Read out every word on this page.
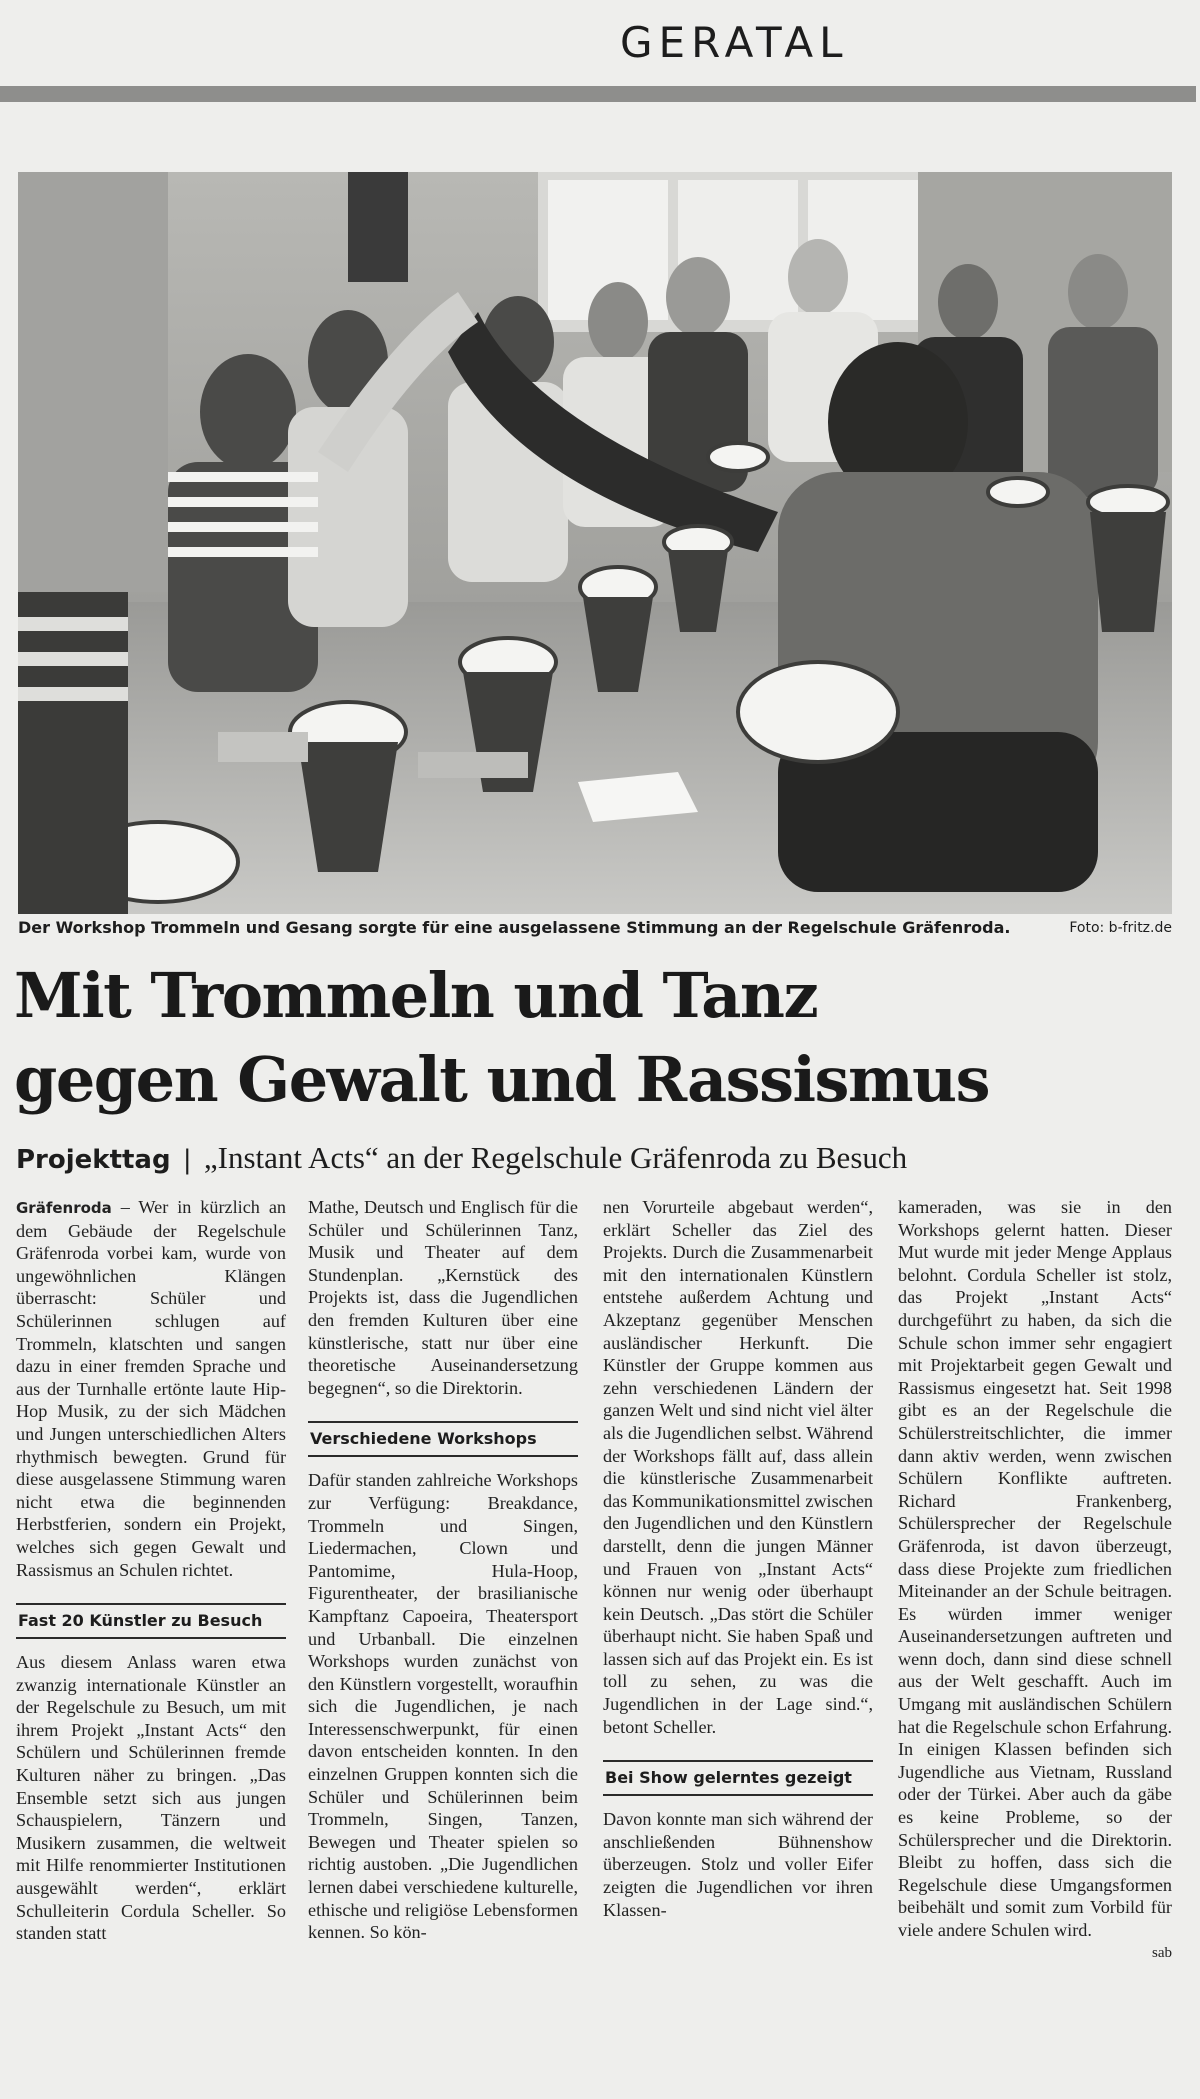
GERATAL
Der Workshop Trommeln und Gesang sorgte für eine ausgelassene Stimmung an der Regelschule Gräfenroda.	Foto: b-fritz.de
Mit Trommeln und Tanz
gegen Gewalt und Rassismus
Projekttag | „Instant Acts“ an der Regelschule Gräfenroda zu Besuch

Gräfenroda – Wer in kürzlich an dem Gebäude der Regelschule Gräfenroda vorbei kam, wurde von ungewöhnlichen Klängen überrascht: Schüler und Schülerinnen schlugen auf Trommeln, klatschten und sangen dazu in einer fremden Sprache und aus der Turnhalle ertönte laute Hip-Hop Musik, zu der sich Mädchen und Jungen unterschiedlichen Alters rhythmisch bewegten. Grund für diese ausgelassene Stimmung waren nicht etwa die beginnenden Herbstferien, sondern ein Projekt, welches sich gegen Gewalt und Rassismus an Schulen richtet.

Fast 20 Künstler zu Besuch

Aus diesem Anlass waren etwa zwanzig internationale Künstler an der Regelschule zu Besuch, um mit ihrem Projekt „Instant Acts“ den Schülern und Schülerinnen fremde Kulturen näher zu bringen. „Das Ensemble setzt sich aus jungen Schauspielern, Tänzern und Musikern zusammen, die weltweit mit Hilfe renommierter Institutionen ausgewählt werden“, erklärt Schulleiterin Cordula Scheller. So standen statt

Mathe, Deutsch und Englisch für die Schüler und Schülerinnen Tanz, Musik und Theater auf dem Stundenplan. „Kernstück des Projekts ist, dass die Jugendlichen den fremden Kulturen über eine künstlerische, statt nur über eine theoretische Auseinandersetzung begegnen“, so die Direktorin.

Verschiedene Workshops

Dafür standen zahlreiche Workshops zur Verfügung: Breakdance, Trommeln und Singen, Liedermachen, Clown und Pantomime, Hula-Hoop, Figurentheater, der brasilianische Kampftanz Capoeira, Theatersport und Urbanball. Die einzelnen Workshops wurden zunächst von den Künstlern vorgestellt, woraufhin sich die Jugendlichen, je nach Interessenschwerpunkt, für einen davon entscheiden konnten. In den einzelnen Gruppen konnten sich die Schüler und Schülerinnen beim Trommeln, Singen, Tanzen, Bewegen und Theater spielen so richtig austoben. „Die Jugendlichen lernen dabei verschiedene kulturelle, ethische und religiöse Lebensformen kennen. So kön-

nen Vorurteile abgebaut werden“, erklärt Scheller das Ziel des Projekts. Durch die Zusammenarbeit mit den internationalen Künstlern entstehe außerdem Achtung und Akzeptanz gegenüber Menschen ausländischer Herkunft. Die Künstler der Gruppe kommen aus zehn verschiedenen Ländern der ganzen Welt und sind nicht viel älter als die Jugendlichen selbst. Während der Workshops fällt auf, dass allein die künstlerische Zusammenarbeit das Kommunikationsmittel zwischen den Jugendlichen und den Künstlern darstellt, denn die jungen Männer und Frauen von „Instant Acts“ können nur wenig oder überhaupt kein Deutsch. „Das stört die Schüler überhaupt nicht. Sie haben Spaß und lassen sich auf das Projekt ein. Es ist toll zu sehen, zu was die Jugendlichen in der Lage sind.“, betont Scheller.

Bei Show gelerntes gezeigt

Davon konnte man sich während der anschließenden Bühnenshow überzeugen. Stolz und voller Eifer zeigten die Jugendlichen vor ihren Klassen-

kameraden, was sie in den Workshops gelernt hatten. Dieser Mut wurde mit jeder Menge Applaus belohnt. Cordula Scheller ist stolz, das Projekt „Instant Acts“ durchgeführt zu haben, da sich die Schule schon immer sehr engagiert mit Projektarbeit gegen Gewalt und Rassismus eingesetzt hat. Seit 1998 gibt es an der Regelschule die Schülerstreitschlichter, die immer dann aktiv werden, wenn zwischen Schülern Konflikte auftreten. Richard Frankenberg, Schülersprecher der Regelschule Gräfenroda, ist davon überzeugt, dass diese Projekte zum friedlichen Miteinander an der Schule beitragen. Es würden immer weniger Auseinandersetzungen auftreten und wenn doch, dann sind diese schnell aus der Welt geschafft. Auch im Umgang mit ausländischen Schülern hat die Regelschule schon Erfahrung. In einigen Klassen befinden sich Jugendliche aus Vietnam, Russland oder der Türkei. Aber auch da gäbe es keine Probleme, so der Schülersprecher und die Direktorin. Bleibt zu hoffen, dass sich die Regelschule diese Umgangsformen beibehält und somit zum Vorbild für viele andere Schulen wird.

sab
